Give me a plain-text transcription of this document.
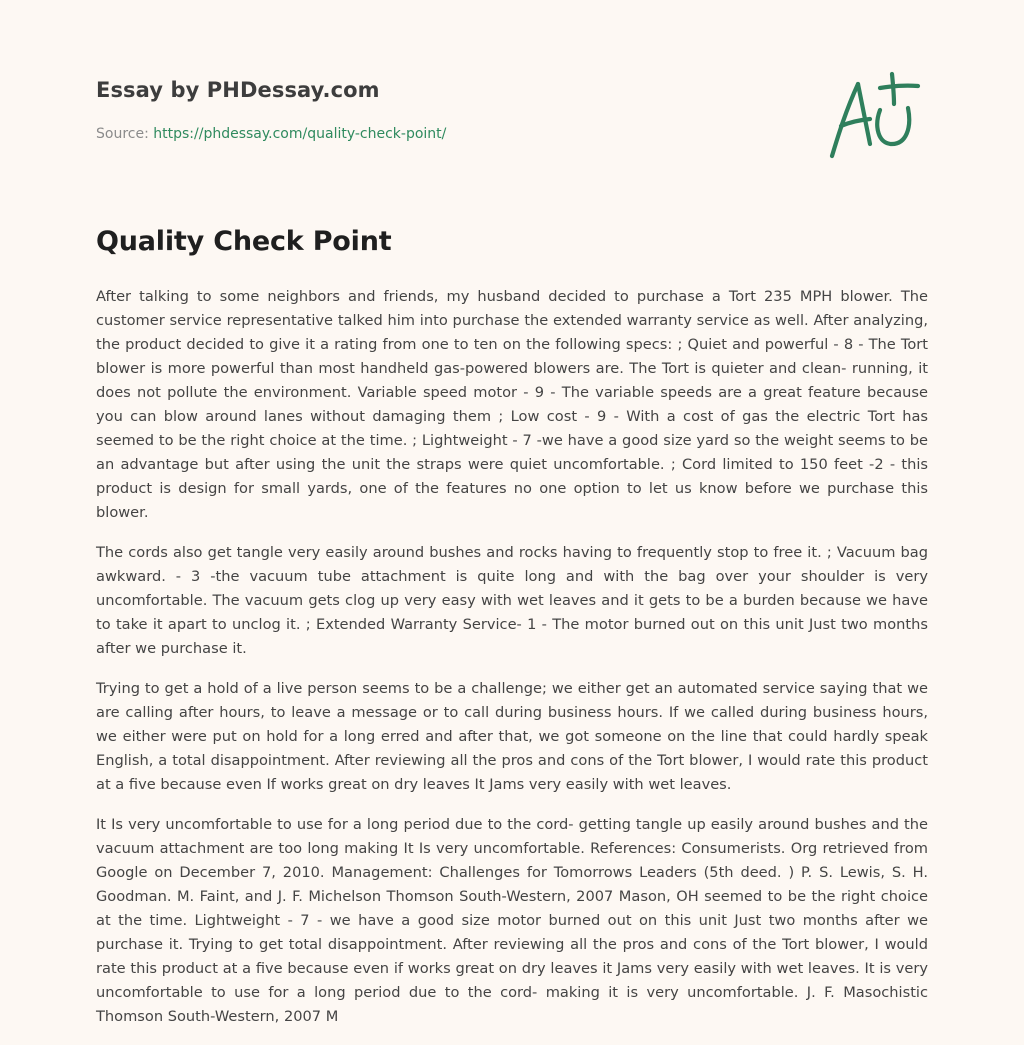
Essay by PHDessay.com
Source: https://phdessay.com/quality-check-point/
Quality Check Point

After talking to some neighbors and friends, my husband decided to purchase a Tort 235 MPH blower. The customer service representative talked him into purchase the extended warranty service as well. After analyzing, the product decided to give it a rating from one to ten on the following specs: ; Quiet and powerful - 8 - The Tort blower is more powerful than most handheld gas-powered blowers are. The Tort is quieter and clean- running, it does not pollute the environment. Variable speed motor - 9 - The variable speeds are a great feature because you can blow around lanes without damaging them ; Low cost - 9 - With a cost of gas the electric Tort has seemed to be the right choice at the time. ; Lightweight - 7 -we have a good size yard so the weight seems to be an advantage but after using the unit the straps were quiet uncomfortable. ; Cord limited to 150 feet -2 - this product is design for small yards, one of the features no one option to let us know before we purchase this blower.

The cords also get tangle very easily around bushes and rocks having to frequently stop to free it. ; Vacuum bag awkward. - 3 -the vacuum tube attachment is quite long and with the bag over your shoulder is very uncomfortable. The vacuum gets clog up very easy with wet leaves and it gets to be a burden because we have to take it apart to unclog it. ; Extended Warranty Service- 1 - The motor burned out on this unit Just two months after we purchase it.

Trying to get a hold of a live person seems to be a challenge; we either get an automated service saying that we are calling after hours, to leave a message or to call during business hours. If we called during business hours, we either were put on hold for a long erred and after that, we got someone on the line that could hardly speak English, a total disappointment. After reviewing all the pros and cons of the Tort blower, I would rate this product at a five because even If works great on dry leaves It Jams very easily with wet leaves.

It Is very uncomfortable to use for a long period due to the cord- getting tangle up easily around bushes and the vacuum attachment are too long making It Is very uncomfortable. References: Consumerists. Org retrieved from Google on December 7, 2010. Management: Challenges for Tomorrows Leaders (5th deed. ) P. S. Lewis, S. H. Goodman. M. Faint, and J. F. Michelson Thomson South-Western, 2007 Mason, OH seemed to be the right choice at the time. Lightweight - 7 - we have a good size motor burned out on this unit Just two months after we purchase it. Trying to get total disappointment. After reviewing all the pros and cons of the Tort blower, I would rate this product at a five because even if works great on dry leaves it Jams very easily with wet leaves. It is very uncomfortable to use for a long period due to the cord- making it is very uncomfortable. J. F. Masochistic Thomson South-Western, 2007 M
